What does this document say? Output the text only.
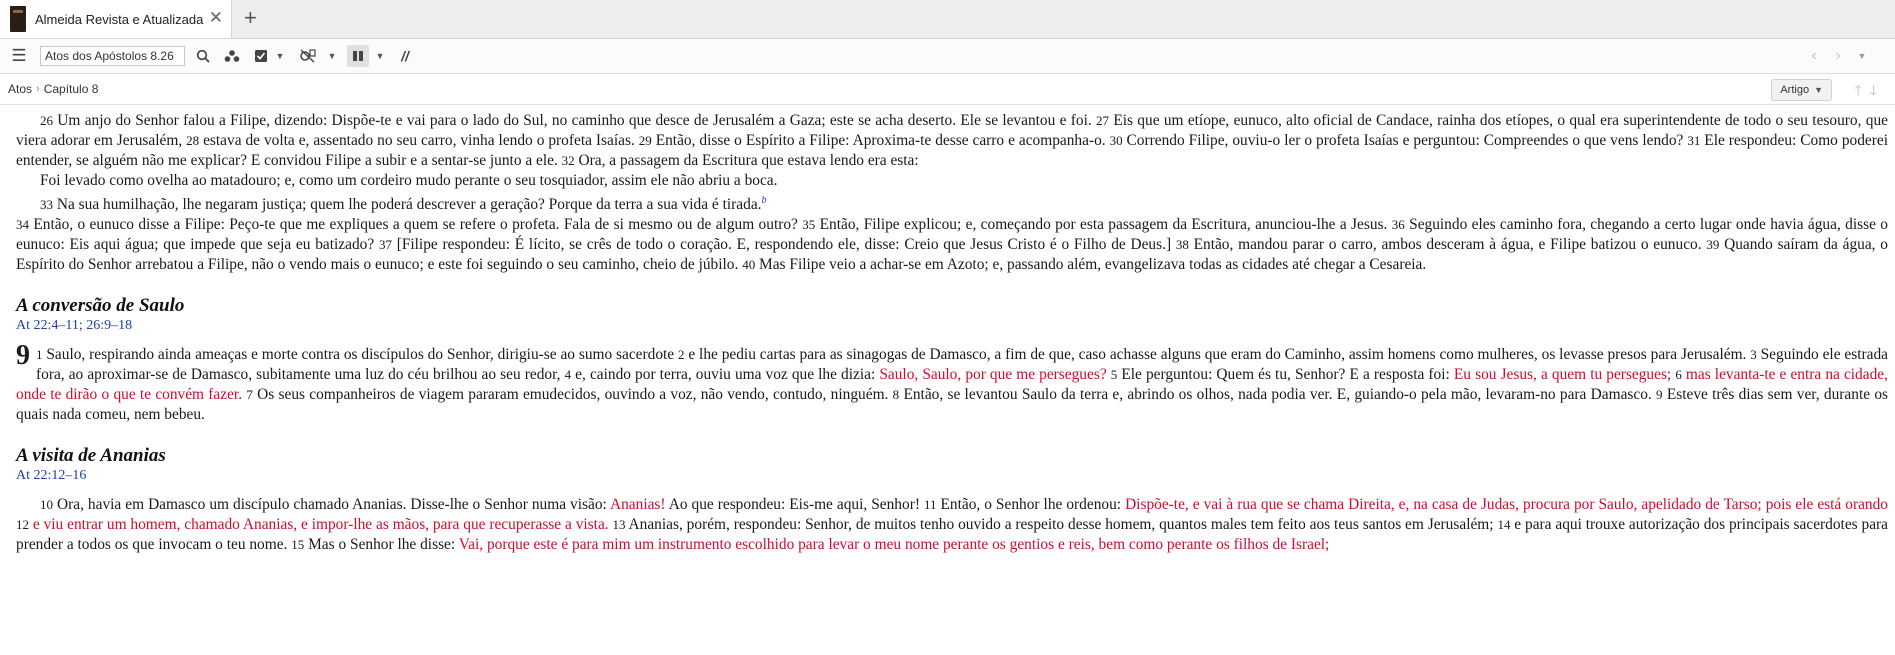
Almeida Revista e Atualizada ✕ +
☰
Atos dos Apóstolos 8.26	▼	▼	▼	//	‹	›	▼
Atos › Capítulo 8	Artigo ▼ 🡑🡓

26 Um anjo do Senhor falou a Filipe, dizendo: Dispõe-te e vai para o lado do Sul, no caminho que desce de Jerusalém a Gaza; este se acha deserto. Ele se levantou e foi. 27 Eis que um etíope, eunuco, alto oficial de Candace, rainha dos etíopes, o qual era superintendente de todo o seu tesouro, que viera adorar em Jerusalém, 28 estava de volta e, assentado no seu carro, vinha lendo o profeta Isaías. 29 Então, disse o Espírito a Filipe: Aproxima-te desse carro e acompanha-o. 30 Correndo Filipe, ouviu-o ler o profeta Isaías e perguntou: Compreendes o que vens lendo? 31 Ele respondeu: Como poderei entender, se alguém não me explicar? E convidou Filipe a subir e a sentar-se junto a ele. 32 Ora, a passagem da Escritura que estava lendo era esta:

Foi levado como ovelha ao matadouro; e, como um cordeiro mudo perante o seu tosquiador, assim ele não abriu a boca.

33 Na sua humilhação, lhe negaram justiça; quem lhe poderá descrever a geração? Porque da terra a sua vida é tirada.$^b$

34 Então, o eunuco disse a Filipe: Peço-te que me expliques a quem se refere o profeta. Fala de si mesmo ou de algum outro? 35 Então, Filipe explicou; e, começando por esta passagem da Escritura, anunciou-lhe a Jesus. 36 Seguindo eles caminho fora, chegando a certo lugar onde havia água, disse o eunuco: Eis aqui água; que impede que seja eu batizado? 37 [Filipe respondeu: É lícito, se crês de todo o coração. E, respondendo ele, disse: Creio que Jesus Cristo é o Filho de Deus.] 38 Então, mandou parar o carro, ambos desceram à água, e Filipe batizou o eunuco. 39 Quando saíram da água, o Espírito do Senhor arrebatou a Filipe, não o vendo mais o eunuco; e este foi seguindo o seu caminho, cheio de júbilo. 40 Mas Filipe veio a achar-se em Azoto; e, passando além, evangelizava todas as cidades até chegar a Cesareia.

A conversão de Saulo

At 22:4–11; 26:9–18

9 1 Saulo, respirando ainda ameaças e morte contra os discípulos do Senhor, dirigiu-se ao sumo sacerdote 2 e lhe pediu cartas para as sinagogas de Damasco, a fim de que, caso achasse alguns que eram do Caminho, assim homens como mulheres, os levasse presos para Jerusalém. 3 Seguindo ele estrada fora, ao aproximar-se de Damasco, subitamente uma luz do céu brilhou ao seu redor, 4 e, caindo por terra, ouviu uma voz que lhe dizia: Saulo, Saulo, por que me persegues? 5 Ele perguntou: Quem és tu, Senhor? E a resposta foi: Eu sou Jesus, a quem tu persegues; 6 mas levanta-te e entra na cidade, onde te dirão o que te convém fazer. 7 Os seus companheiros de viagem pararam emudecidos, ouvindo a voz, não vendo, contudo, ninguém. 8 Então, se levantou Saulo da terra e, abrindo os olhos, nada podia ver. E, guiando-o pela mão, levaram-no para Damasco. 9 Esteve três dias sem ver, durante os quais nada comeu, nem bebeu.

A visita de Ananias

At 22:12–16

10 Ora, havia em Damasco um discípulo chamado Ananias. Disse-lhe o Senhor numa visão: Ananias! Ao que respondeu: Eis-me aqui, Senhor! 11 Então, o Senhor lhe ordenou: Dispõe-te, e vai à rua que se chama Direita, e, na casa de Judas, procura por Saulo, apelidado de Tarso; pois ele está orando 12 e viu entrar um homem, chamado Ananias, e impor-lhe as mãos, para que recuperasse a vista. 13 Ananias, porém, respondeu: Senhor, de muitos tenho ouvido a respeito desse homem, quantos males tem feito aos teus santos em Jerusalém; 14 e para aqui trouxe autorização dos principais sacerdotes para prender a todos os que invocam o teu nome. 15 Mas o Senhor lhe disse: Vai, porque este é para mim um instrumento escolhido para levar o meu nome perante os gentios e reis, bem como perante os filhos de Israel;
